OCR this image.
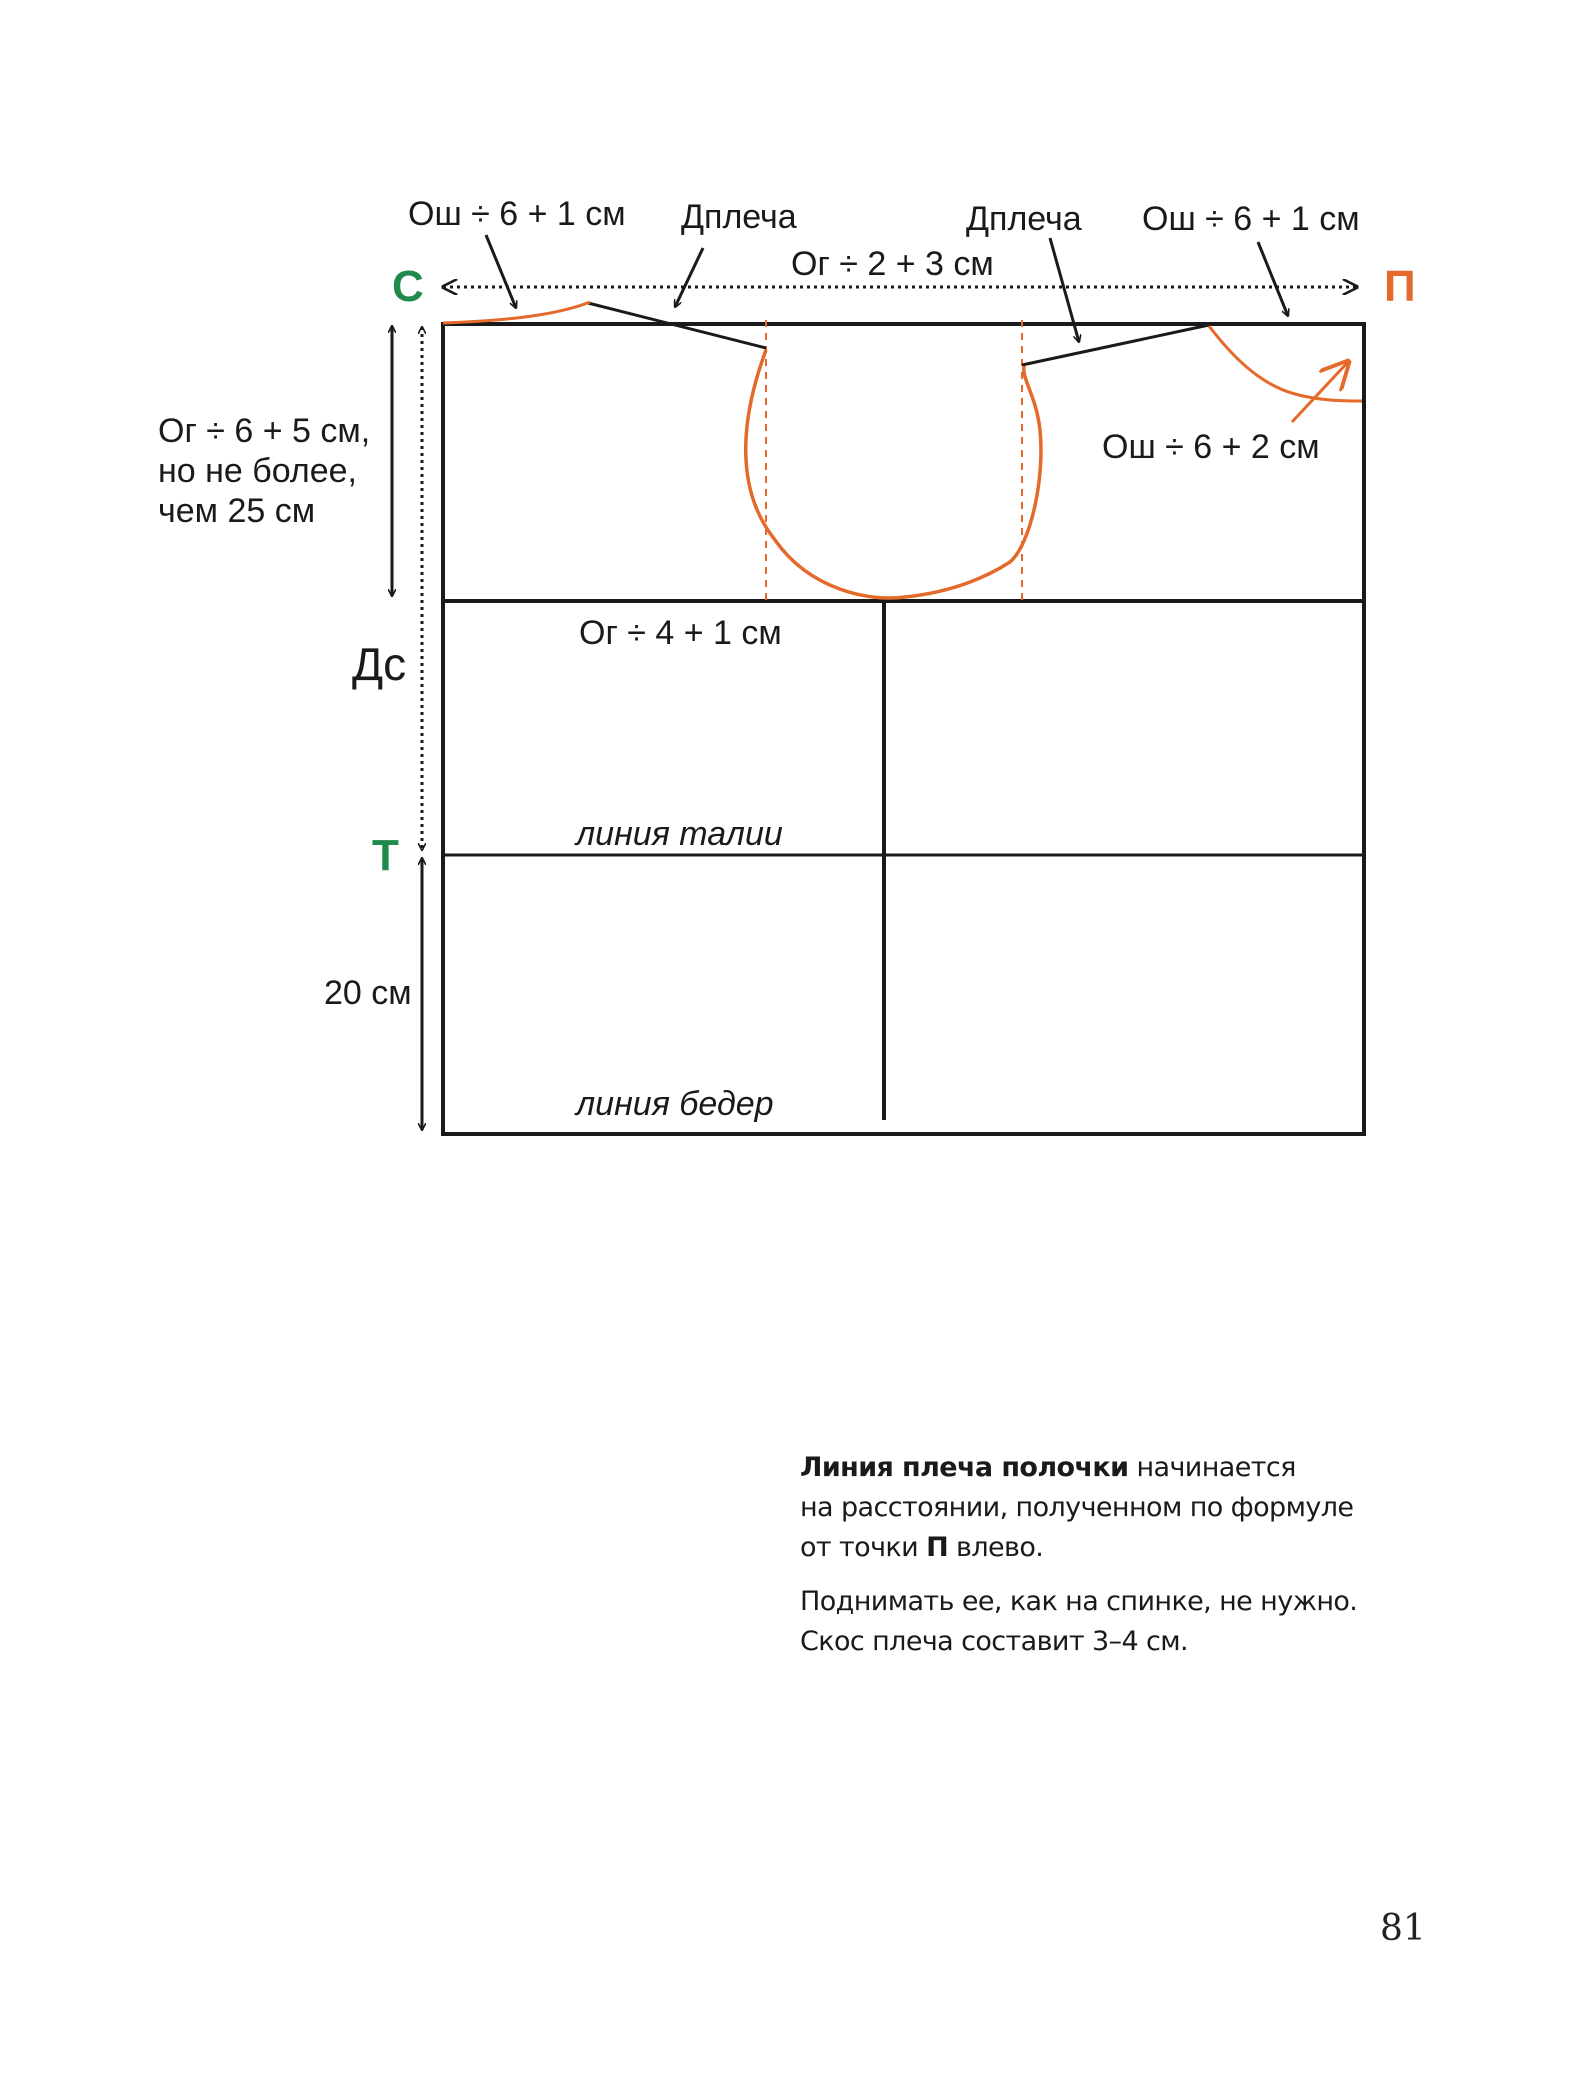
Ош ÷ 6 + 1 см Дплеча	Дплеча Ош ÷ 6 + 1 см
Ог ÷ 2 + 3 см
Ог ÷ 6 + 5 см,
но не более,
чем 25 см
Ош ÷ 6 + 2 см
Ог ÷ 4 + 1 см
Дс
линия талии
20 см
линия бедер
С	П
Т

Линия плеча полочки начинается
на расстоянии, полученном по формуле
от точки П влево.

Поднимать ее, как на спинке, не нужно.
Скос плеча составит 3–4 см.

81
